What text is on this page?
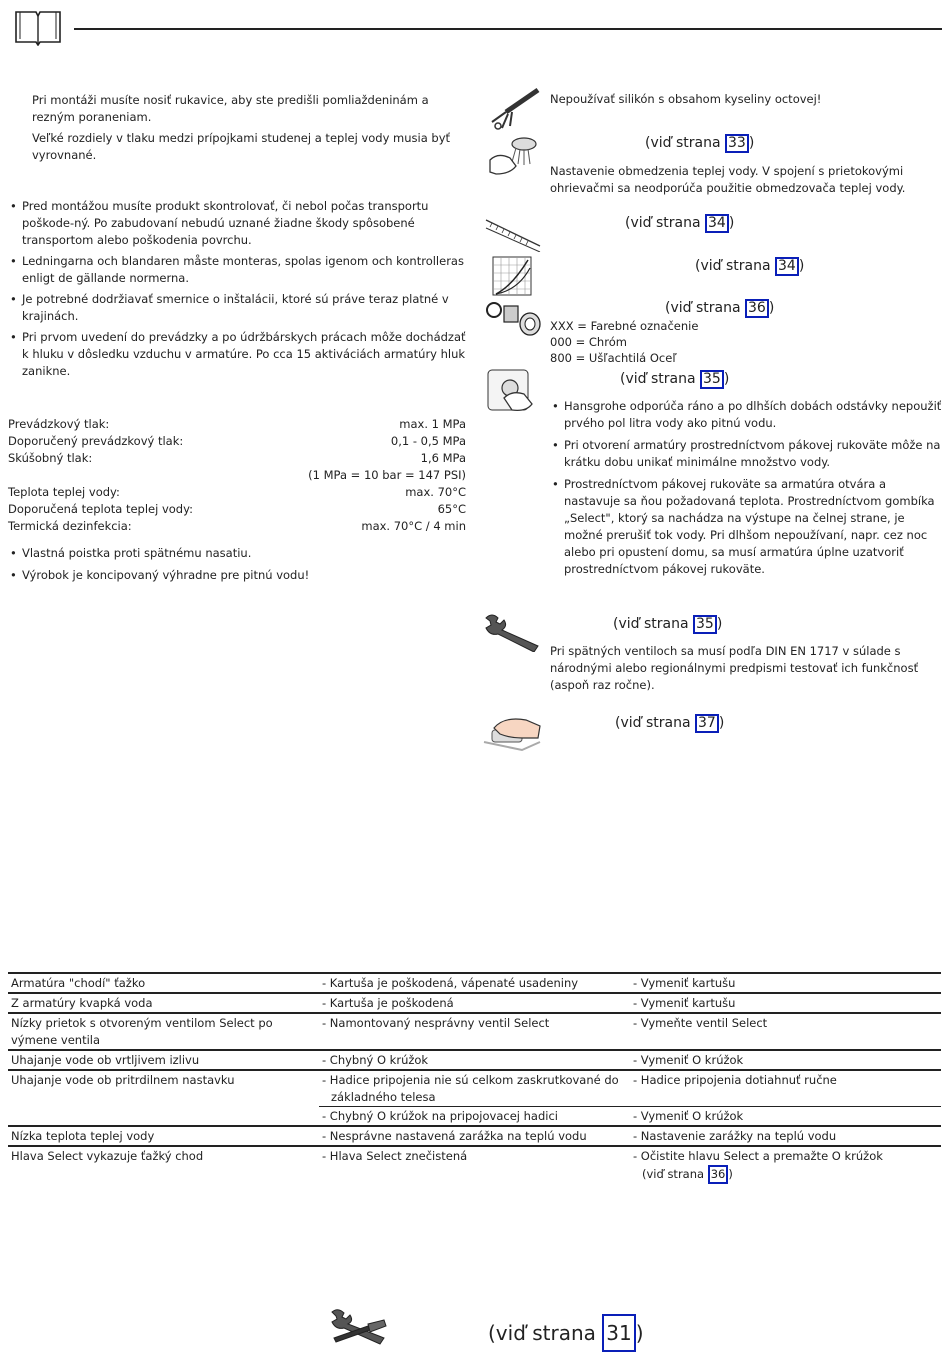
Pri montáži musíte nosiť rukavice, aby ste predišli pomliaždeninám a rezným poraneniam.

Veľké rozdiely v tlaku medzi prípojkami studenej a teplej vody musia byť vyrovnané.

• Pred montážou musíte produkt skontrolovať, či nebol počas transportu poškode-ný. Po zabudovaní nebudú uznané žiadne škody spôsobené transportom alebo poškodenia povrchu.

• Ledningarna och blandaren måste monteras, spolas igenom och kontrolleras enligt de gällande normerna.

• Je potrebné dodržiavať smernice o inštalácii, ktoré sú práve teraz platné v krajinách.

• Pri prvom uvedení do prevádzky a po údržbárskych prácach môže dochádzať k hluku v dôsledku vzduchu v armatúre. Po cca 15 aktiváciách armatúry hluk zanikne.

Prevádzkový tlak:	max. 1 MPa
Doporučený prevádzkový tlak:	0,1 - 0,5 MPa
Skúšobný tlak:	1,6 MPa
(1 MPa = 10 bar = 147 PSI)
Teplota teplej vody:	max. 70°C
Doporučená teplota teplej vody:	65°C
Termická dezinfekcia:	max. 70°C / 4 min

• Vlastná poistka proti spätnému nasatiu.

• Výrobok je koncipovaný výhradne pre pitnú vodu!

Nepoužívať silikón s obsahom kyseliny octovej!

(viď strana 33 )

Nastavenie obmedzenia teplej vody. V spojení s prietokovými ohrievačmi sa neodporúča použitie obmedzovača teplej vody.

(viď strana 34 )
(viď strana 34 )
(viď strana 36 )
XXX = Farebné označenie
000 = Chróm
800 = Ušľachtilá Oceľ
(viď strana 35 )

• Hansgrohe odporúča ráno a po dlhších dobách odstávky nepoužiť prvého pol litra vody ako pitnú vodu.

• Pri otvorení armatúry prostredníctvom pákovej rukoväte môže na krátku dobu unikať minimálne množstvo vody.

• Prostredníctvom pákovej rukoväte sa armatúra otvára a nastavuje sa ňou požadovaná teplota. Prostredníctvom gombíka „Select", ktorý sa nachádza na výstupe na čelnej strane, je možné prerušiť tok vody. Pri dlhšom nepoužívaní, napr. cez noc alebo pri opustení domu, sa musí armatúra úplne uzatvoriť prostredníctvom pákovej rukoväte.

(viď strana 35 )

Pri spätných ventiloch sa musí podľa DIN EN 1717 v súlade s národnými alebo regionálnymi predpismi testovať ich funkčnosť (aspoň raz ročne).

(viď strana 37 )
Armatúra "chodí" ťažko	- Kartuša je poškodená, vápenaté usadeniny	- Vymeniť kartušu

Z armatúry kvapká voda	- Kartuša je poškodená	- Vymeniť kartušu

Nízky prietok s otvoreným ventilom Select po výmene ventila	- Namontovaný nesprávny ventil Select	- Vymeňte ventil Select

Uhajanje vode ob vrtljivem izlivu	- Chybný O krúžok	- Vymeniť O krúžok

Uhajanje vode ob pritrdilnem nastavku	- Hadice pripojenia nie sú celkom zaskrutkované do základného telesa	- Hadice pripojenia dotiahnuť ručne

	- Chybný O krúžok na pripojovacej hadici	- Vymeniť O krúžok

Nízka teplota teplej vody	- Nesprávne nastavená zarážka na teplú vodu	- Nastavenie zarážky na teplú vodu

Hlava Select vykazuje ťažký chod	- Hlava Select znečistená	- Očistite hlavu Select a premažte O krúžok
(viď strana 36 )
(viď strana 31 )
